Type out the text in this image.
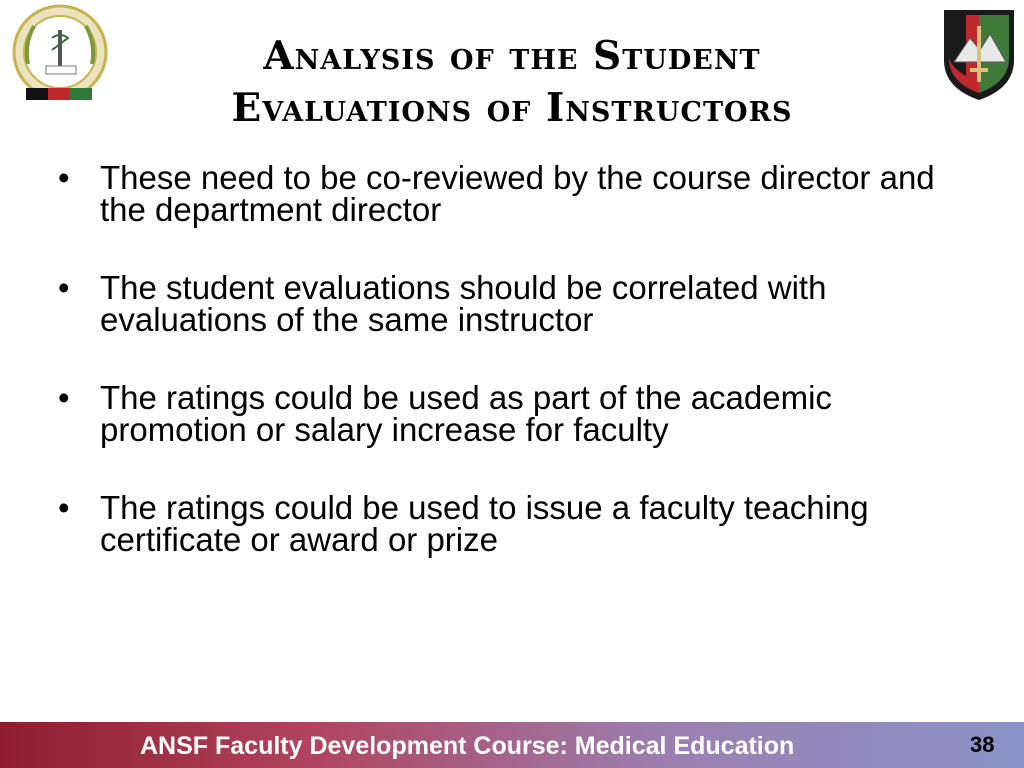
Analysis of the Student
Evaluations of Instructors
• These need to be co-reviewed by the course director and the department director
• The student evaluations should be correlated with evaluations of the same instructor
• The ratings could be used as part of the academic promotion or salary increase for faculty
• The ratings could be used to issue a faculty teaching certificate or award or prize
ANSF Faculty Development Course: Medical Education	38
